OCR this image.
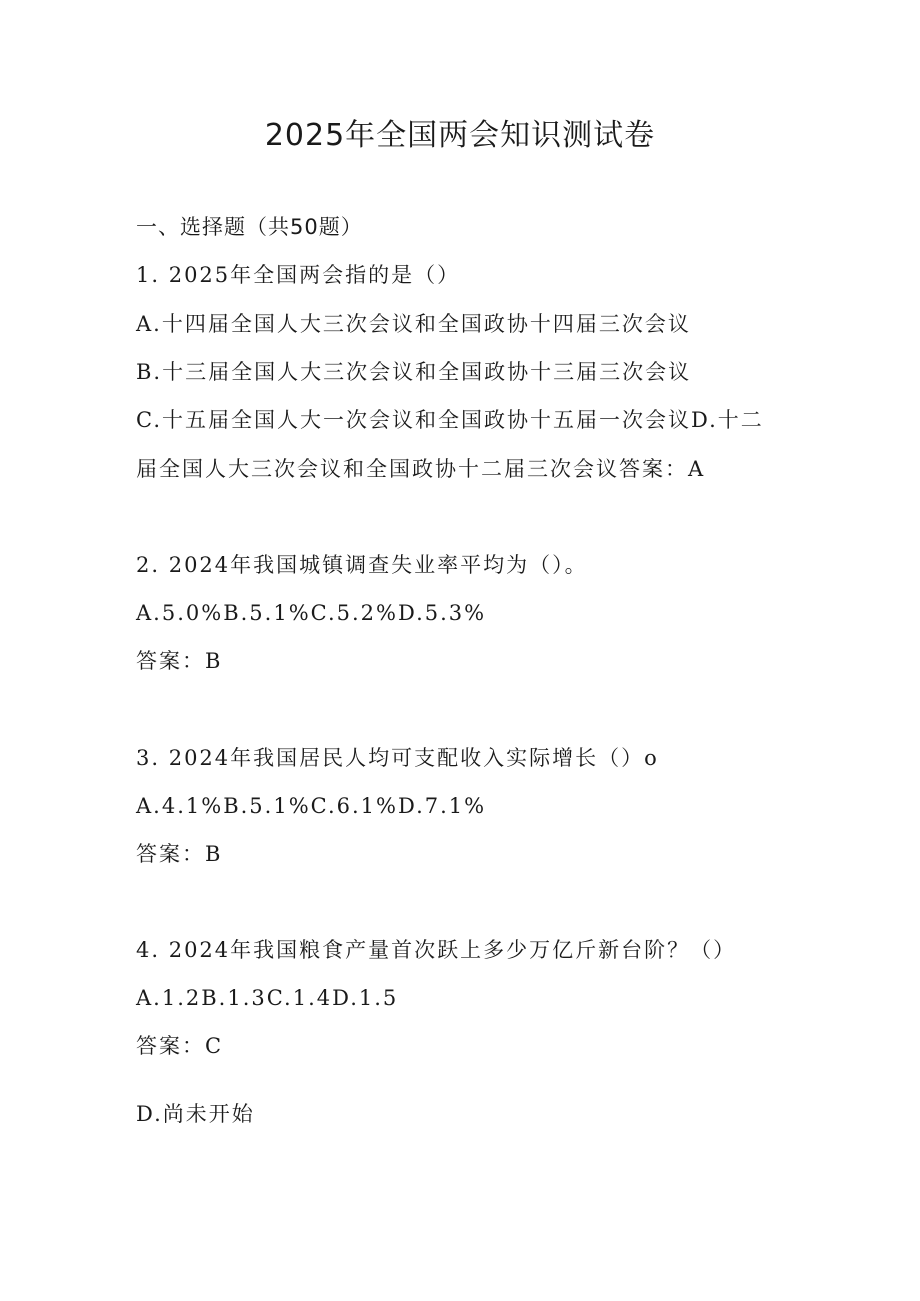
2025年全国两会知识测试卷

一、选择题（共50题）

1. 2025年全国两会指的是（）

A.十四届全国人大三次会议和全国政协十四届三次会议

B.十三届全国人大三次会议和全国政协十三届三次会议

C.十五届全国人大一次会议和全国政协十五届一次会议D.十二

届全国人大三次会议和全国政协十二届三次会议答案：A

2. 2024年我国城镇调查失业率平均为（）。

A.5.0%B.5.1%C.5.2%D.5.3%

答案：B

3. 2024年我国居民人均可支配收入实际增长（）o

A.4.1%B.5.1%C.6.1%D.7.1%

答案：B

4. 2024年我国粮食产量首次跃上多少万亿斤新台阶？（）

A.1.2B.1.3C.1.4D.1.5

答案：C

D.尚未开始
